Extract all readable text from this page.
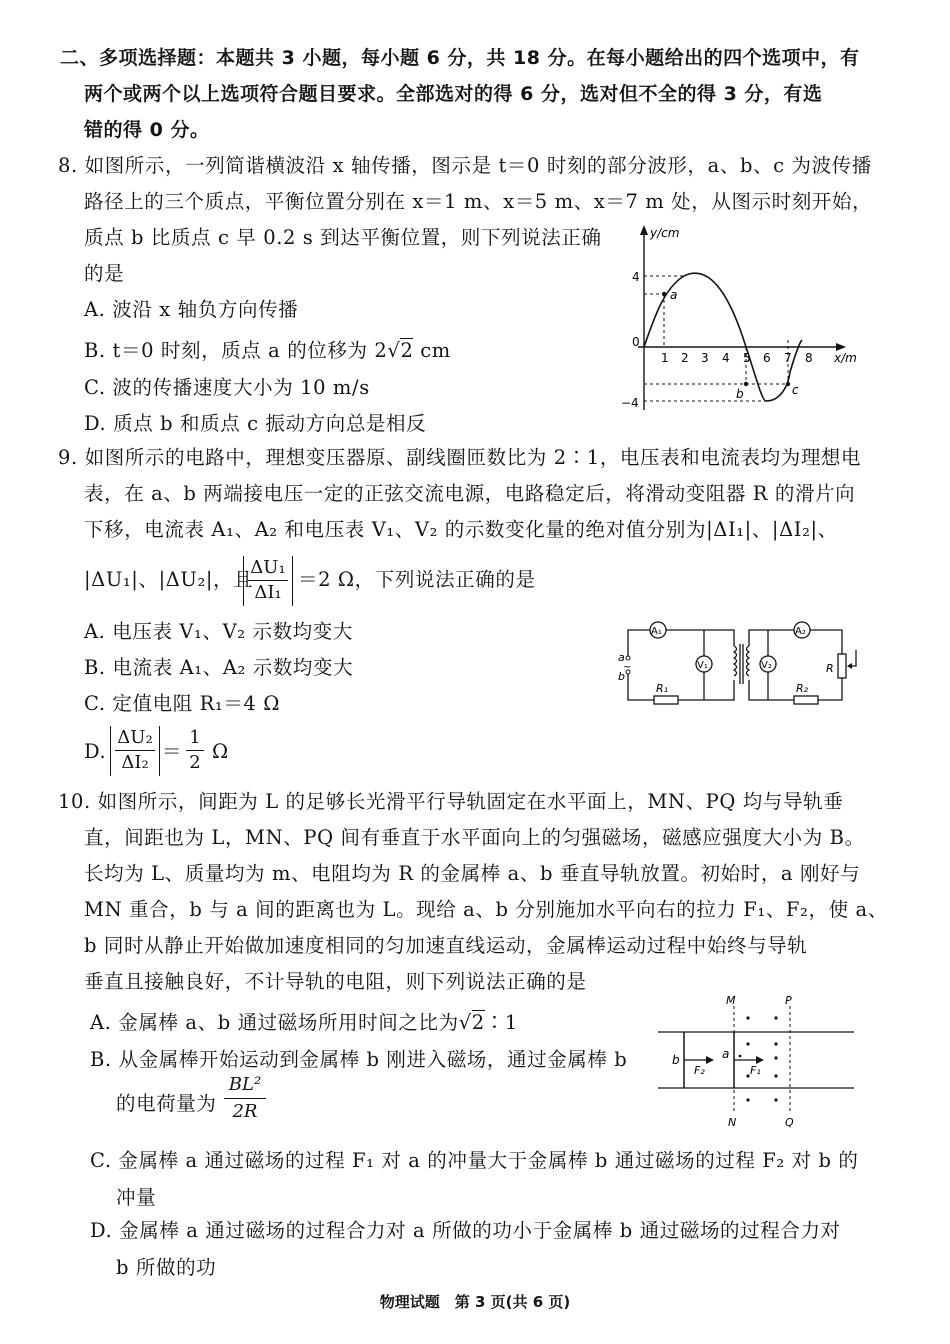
二、多项选择题：本题共 3 小题，每小题 6 分，共 18 分。在每小题给出的四个选项中，有
两个或两个以上选项符合题目要求。全部选对的得 6 分，选对但不全的得 3 分，有选
错的得 0 分。
8. 如图所示，一列简谐横波沿 x 轴传播，图示是 t＝0 时刻的部分波形，a、b、c 为波传播
路径上的三个质点，平衡位置分别在 x＝1 m、x＝5 m、x＝7 m 处，从图示时刻开始，
质点 b 比质点 c 早 0.2 s 到达平衡位置，则下列说法正确
的是
A. 波沿 x 轴负方向传播
B. t＝0 时刻，质点 a 的位移为 2√2 cm
C. 波的传播速度大小为 10 m/s
D. 质点 b 和质点 c 振动方向总是相反
y/cm
x/m
4
0
−4
1 2 3 4 5 6 7 8
a
b	c
9. 如图所示的电路中，理想变压器原、副线圈匝数比为 2∶1，电压表和电流表均为理想电
表，在 a、b 两端接电压一定的正弦交流电源，电路稳定后，将滑动变阻器 R 的滑片向
下移，电流表 A₁、A₂ 和电压表 V₁、V₂ 的示数变化量的绝对值分别为|ΔI₁|、|ΔI₂|、
|ΔU₁|、|ΔU₂|，且
$\frac{\text{ΔU₁}}{\text{ΔI₁}} =2$ Ω，下列说法正确的是
A. 电压表 V₁、V₂ 示数均变大
B. 电流表 A₁、A₂ 示数均变大
C. 定值电阻 R₁＝4 Ω
D. $\frac{\text{ΔU₂}}{\text{ΔI₂}} = \frac{1}{2}$ Ω
A₁	A₂
V₁	V₂
R₁	R₂
R
a
b
~
10. 如图所示，间距为 L 的足够长光滑平行导轨固定在水平面上，MN、PQ 均与导轨垂
直，间距也为 L，MN、PQ 间有垂直于水平面向上的匀强磁场，磁感应强度大小为 B。
长均为 L、质量均为 m、电阻均为 R 的金属棒 a、b 垂直导轨放置。初始时，a 刚好与
MN 重合，b 与 a 间的距离也为 L。现给 a、b 分别施加水平向右的拉力 F₁、F₂，使 a、
b 同时从静止开始做加速度相同的匀加速直线运动，金属棒运动过程中始终与导轨
垂直且接触良好，不计导轨的电阻，则下列说法正确的是
A. 金属棒 a、b 通过磁场所用时间之比为√2∶1
B. 从金属棒开始运动到金属棒 b 刚进入磁场，通过金属棒 b
的电荷量为 $\frac{\text{BL²}}{2R}$
C. 金属棒 a 通过磁场的过程 F₁ 对 a 的冲量大于金属棒 b 通过磁场的过程 F₂ 对 b 的
冲量
D. 金属棒 a 通过磁场的过程合力对 a 所做的功小于金属棒 b 通过磁场的过程合力对
b 所做的功
M	P
N	Q
a
b
F₁
F₂
物理试题　第 3 页(共 6 页)
